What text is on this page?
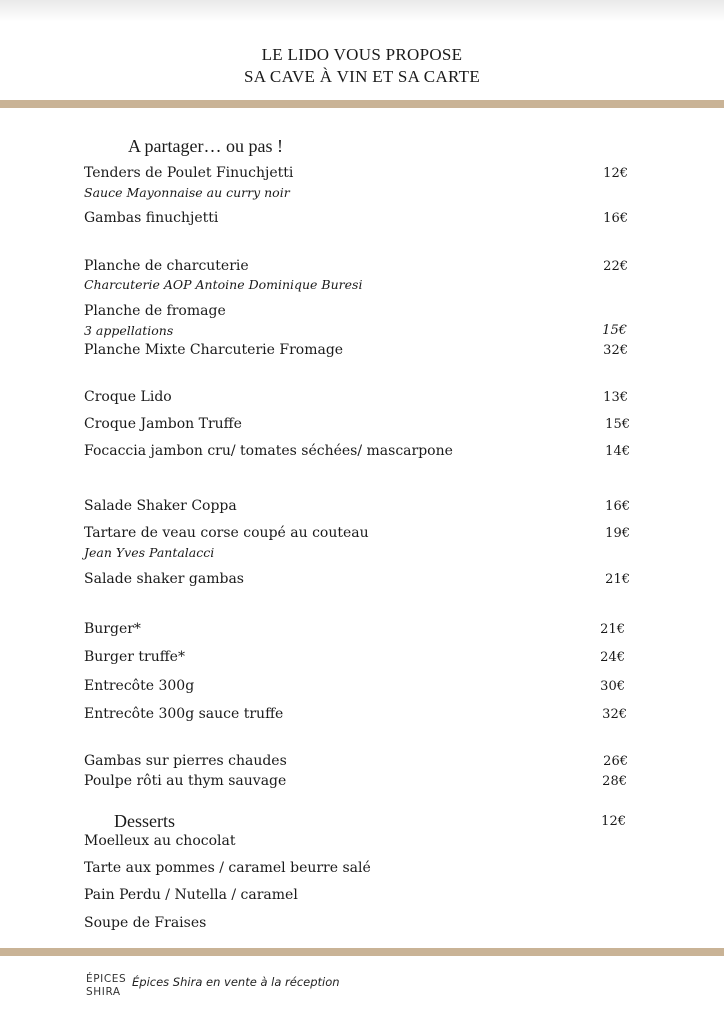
LE LIDO VOUS PROPOSE
SA CAVE À VIN ET SA CARTE
A partager… ou pas !
Tenders de Poulet Finuchjetti	12€
Sauce Mayonnaise au curry noir
Gambas finuchjetti	16€
Planche de charcuterie	22€
Charcuterie AOP Antoine Dominique Buresi
Planche de fromage
3 appellations	15€
Planche Mixte Charcuterie Fromage	32€
Croque Lido	13€
Croque Jambon Truffe	15€
Focaccia jambon cru/ tomates séchées/ mascarpone	14€
Salade Shaker Coppa	16€
Tartare de veau corse coupé au couteau	19€
Jean Yves Pantalacci
Salade shaker gambas	21€
Burger*	21€
Burger truffe*	24€
Entrecôte 300g	30€
Entrecôte 300g sauce truffe	32€
Gambas sur pierres chaudes	26€
Poulpe rôti au thym sauvage	28€
Desserts	12€
Moelleux au chocolat
Tarte aux pommes / caramel beurre salé
Pain Perdu / Nutella / caramel
Soupe de Fraises
ÉPICES
SHIRA
Épices Shira en vente à la réception
